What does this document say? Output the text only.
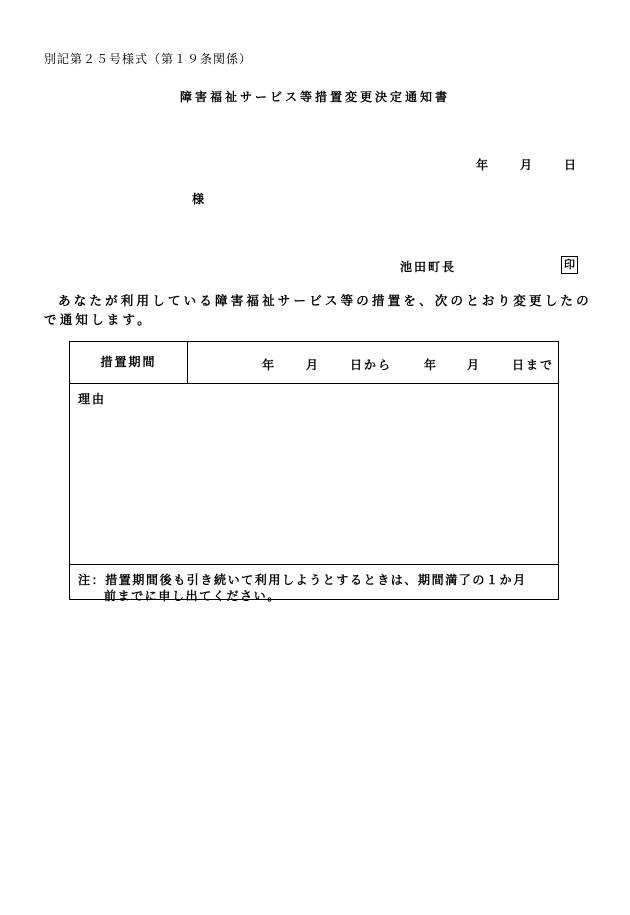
別記第２５号様式（第１９条関係）
障害福祉サービス等措置変更決定通知書
年	月	日
様
池田町長	印
あなたが利用している障害福祉サービス等の措置を、次のとおり変更したので通知します。
措置期間	年	月	日から	年	月	日まで
理由
注：措置期間後も引き続いて利用しようとするときは、期間満了の１か月
前までに申し出てください。
